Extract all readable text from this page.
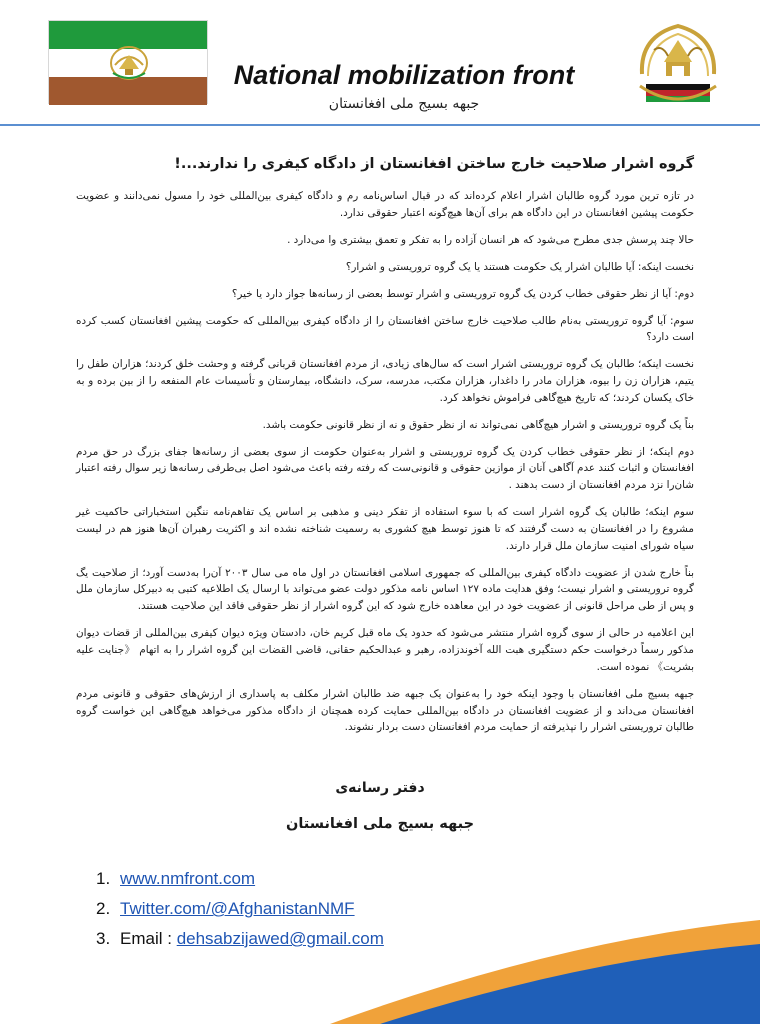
National mobilization front
جبهه بسیج ملی افغانستان
گروه اشرار صلاحیت خارج ساختن افغانستان از دادگاه کیفری را ندارند...!

در تازه ترین مورد گروه طالبان اشرار اعلام کرده‌اند که در قبال اساس‌نامه رم و دادگاه کیفری بین‌المللی خود را مسول نمی‌دانند و عضویت حکومت پیشین افغانستان در این دادگاه هم برای آن‌ها هیچ‌گونه اعتبار حقوقی ندارد.

حالا چند پرسش جدی مطرح می‌شود که هر انسان آزاده را به تفکر و تعمق بیشتری وا می‌دارد .

نخست اینکه: آیا طالبان اشرار یک حکومت هستند یا یک گروه تروریستی و اشرار؟

دوم: آیا از نظر حقوقی خطاب کردن یک گروه تروریستی و اشرار توسط بعضی از رسانه‌ها جواز دارد یا خیر؟

سوم: آیا گروه تروریستی به‌نام طالب صلاحیت خارج ساختن افغانستان را از دادگاه کیفری بین‌المللی که حکومت پیشین افغانستان کسب کرده است دارد؟

نخست اینکه؛ طالبان یک گروه تروریستی اشرار است که سال‌های زیادی، از مردم افغانستان قربانی گرفته و وحشت خلق کردند؛ هزاران طفل را یتیم، هزاران زن را بیوه، هزاران مادر را داغدار، هزاران مکتب، مدرسه، سرک، دانشگاه، بیمارستان و تأسیسات عام المنفعه را از بین برده و به خاک یکسان کردند؛ که تاریخ هیچ‌گاهی فراموش نخواهد کرد.

بناً یک گروه تروریستی و اشرار هیچ‌گاهی نمی‌تواند نه از نظر حقوق و نه از نظر قانونی حکومت باشد.

دوم اینکه؛ از نظر حقوقی خطاب کردن یک گروه تروریستی و اشرار به‌عنوان حکومت از سوی بعضی از رسانه‌ها جفای بزرگ در حق مردم افغانستان و اثبات کنند عدم آگاهی آنان از موازین حقوقی و قانونی‌ست که رفته رفته باعث می‌شود اصل بی‌طرفی رسانه‌ها زیر سوال رفته اعتبار شان‌را نزد مردم افغانستان از دست بدهند .

سوم اینکه؛ طالبان یک گروه اشرار است که با سوء استفاده از تفکر دینی و مذهبی بر اساس یک تفاهم‌نامه ننگین استخباراتی حاکمیت غیر مشروع را در افغانستان به دست گرفتند که تا هنوز توسط هیچ کشوری به رسمیت شناخته نشده اند و اکثریت رهبران آن‌ها هنوز هم در لیست سیاه شورای امنیت سازمان ملل قرار دارند.

بناً خارج شدن از عضویت دادگاه کیفری بین‌المللی که جمهوری اسلامی افغانستان در اول ماه می سال ۲۰۰۳ آن‌را به‌دست آورد؛ از صلاحیت یگ گروه تروریستی و اشرار نیست؛ وفق هدایت ماده ۱۲۷ اساس نامه مذکور دولت عضو می‌تواند با ارسال یک اطلاعیه کتبی به دبیرکل سازمان ملل و پس از طی مراحل قانونی از عضویت خود در این معاهده خارج شود که این گروه اشرار از نظر حقوقی فاقد این صلاحیت هستند.

این اعلامیه در حالی از سوی گروه اشرار منتشر می‌شود که حدود یک ماه قبل کریم خان، دادستان ویژه دیوان کیفری بین‌المللی از قضات دیوان مذکور رسماً درخواست حکم دستگیری هبت الله آخوندزاده، رهبر و عبدالحکیم حقانی، قاضی القضات این گروه اشرار را به اتهام 《جنایت علیه بشریت》 نموده است.

جبهه بسیج ملی افغانستان با وجود اینکه خود را به‌عنوان یک جبهه ضد طالبان اشرار مکلف به پاسداری از ارزش‌های حقوقی و قانونی مردم افغانستان می‌داند و از عضویت افغانستان در دادگاه بین‌المللی حمایت کرده همچنان از دادگاه مذکور می‌خواهد هیچ‌گاهی این خواست گروه طالبان تروریستی اشرار را نپذیرفته از حمایت مردم افغانستان دست بردار نشوند.

دفتر رسانه‌ی
جبهه بسیج ملی افغانستان
1. www.nmfront.com
2. Twitter.com/@AfghanistanNMF
3. Email : dehsabzijawed@gmail.com
